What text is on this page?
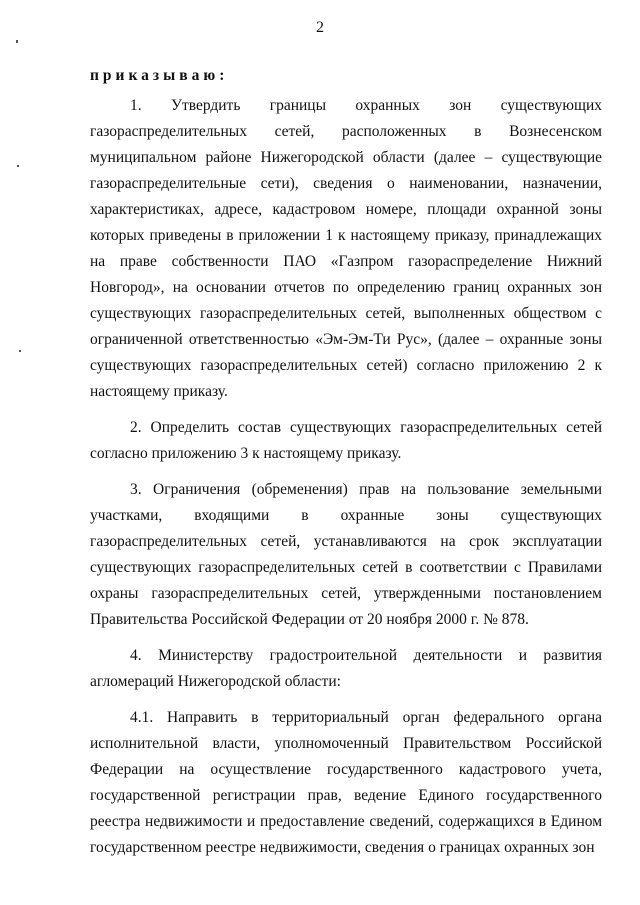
2
приказываю:

1. Утвердить границы охранных зон существующих газораспределительных сетей, расположенных в Вознесенском муниципальном районе Нижегородской области (далее – существующие газораспределительные сети), сведения о наименовании, назначении, характеристиках, адресе, кадастровом номере, площади охранной зоны которых приведены в приложении 1 к настоящему приказу, принадлежащих на праве собственности ПАО «Газпром газораспределение Нижний Новгород», на основании отчетов по определению границ охранных зон существующих газораспределительных сетей, выполненных обществом с ограниченной ответственностью «Эм-Эм-Ти Рус», (далее – охранные зоны существующих газораспределительных сетей) согласно приложению 2 к настоящему приказу.

2. Определить состав существующих газораспределительных сетей согласно приложению 3 к настоящему приказу.

3. Ограничения (обременения) прав на пользование земельными участками, входящими в охранные зоны существующих газораспределительных сетей, устанавливаются на срок эксплуатации существующих газораспределительных сетей в соответствии с Правилами охраны газораспределительных сетей, утвержденными постановлением Правительства Российской Федерации от 20 ноября 2000 г. № 878.

4. Министерству градостроительной деятельности и развития агломераций Нижегородской области:

4.1. Направить в территориальный орган федерального органа исполнительной власти, уполномоченный Правительством Российской Федерации на осуществление государственного кадастрового учета, государственной регистрации прав, ведение Единого государственного реестра недвижимости и предоставление сведений, содержащихся в Едином государственном реестре недвижимости, сведения о границах охранных зон
